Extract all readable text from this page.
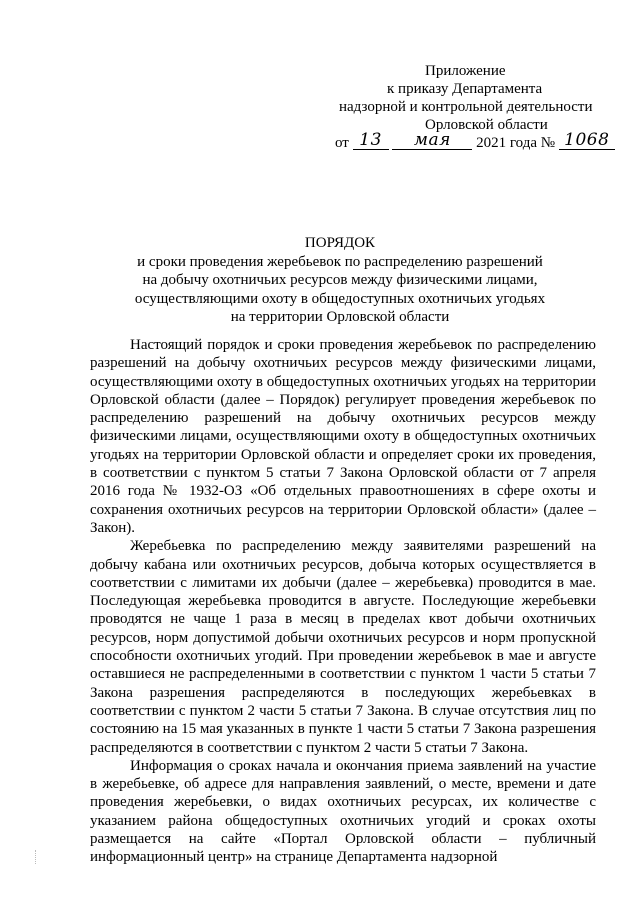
Приложение
к приказу Департамента
надзорной и контрольной деятельности
Орловской области
от 13 мая 2021 года № 1068
ПОРЯДОК
и сроки проведения жеребьевок по распределению разрешений
на добычу охотничьих ресурсов между физическими лицами,
осуществляющими охоту в общедоступных охотничьих угодьях
на территории Орловской области

Настоящий порядок и сроки проведения жеребьевок по распределению разрешений на добычу охотничьих ресурсов между физическими лицами, осуществляющими охоту в общедоступных охотничьих угодьях на территории Орловской области (далее – Порядок) регулирует проведения жеребьевок по распределению разрешений на добычу охотничьих ресурсов между физическими лицами, осуществляющими охоту в общедоступных охотничьих угодьях на территории Орловской области и определяет сроки их проведения, в соответствии с пунктом 5 статьи 7 Закона Орловской области от 7 апреля 2016 года № 1932-ОЗ «Об отдельных правоотношениях в сфере охоты и сохранения охотничьих ресурсов на территории Орловской области» (далее – Закон).

Жеребьевка по распределению между заявителями разрешений на добычу кабана или охотничьих ресурсов, добыча которых осуществляется в соответствии с лимитами их добычи (далее – жеребьевка) проводится в мае. Последующая жеребьевка проводится в августе. Последующие жеребьевки проводятся не чаще 1 раза в месяц в пределах квот добычи охотничьих ресурсов, норм допустимой добычи охотничьих ресурсов и норм пропускной способности охотничьих угодий. При проведении жеребьевок в мае и августе оставшиеся не распределенными в соответствии с пунктом 1 части 5 статьи 7 Закона разрешения распределяются в последующих жеребьевках в соответствии с пунктом 2 части 5 статьи 7 Закона. В случае отсутствия лиц по состоянию на 15 мая указанных в пункте 1 части 5 статьи 7 Закона разрешения распределяются в соответствии с пунктом 2 части 5 статьи 7 Закона.

Информация о сроках начала и окончания приема заявлений на участие в жеребьевке, об адресе для направления заявлений, о месте, времени и дате проведения жеребьевки, о видах охотничьих ресурсах, их количестве с указанием района общедоступных охотничьих угодий и сроках охоты размещается на сайте «Портал Орловской области – публичный информационный центр» на странице Департамента надзорной
